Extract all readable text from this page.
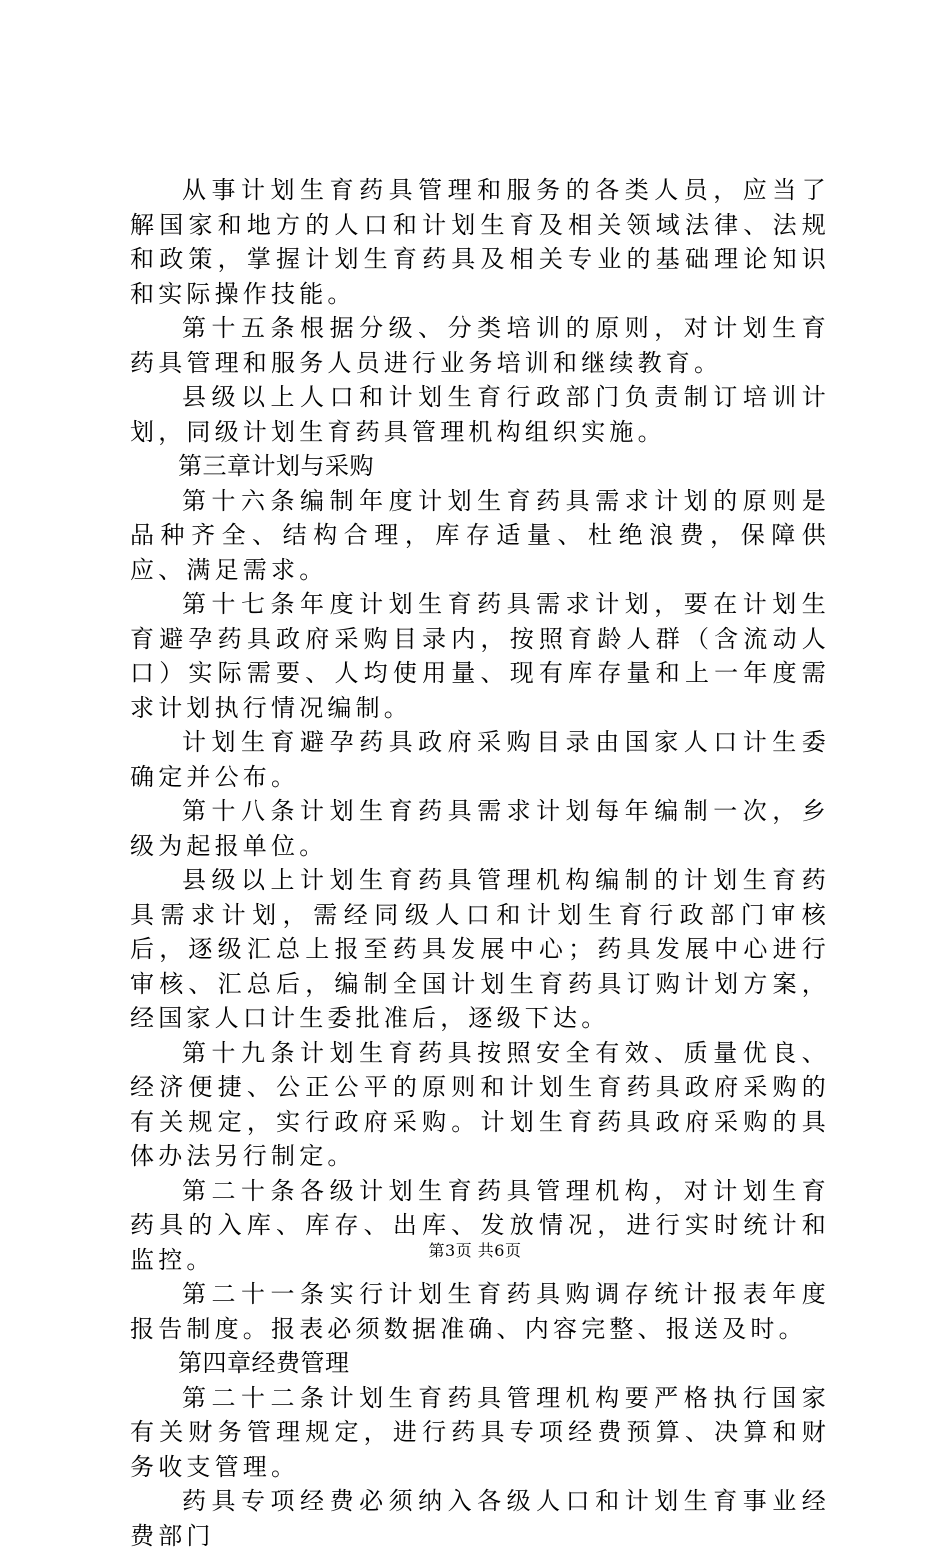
从事计划生育药具管理和服务的各类人员，应当了解国家和地方的人口和计划生育及相关领域法律、法规和政策，掌握计划生育药具及相关专业的基础理论知识和实际操作技能。

第十五条根据分级、分类培训的原则，对计划生育药具管理和服务人员进行业务培训和继续教育。

县级以上人口和计划生育行政部门负责制订培训计划，同级计划生育药具管理机构组织实施。

第三章计划与采购

第十六条编制年度计划生育药具需求计划的原则是品种齐全、结构合理，库存适量、杜绝浪费，保障供应、满足需求。

第十七条年度计划生育药具需求计划，要在计划生育避孕药具政府采购目录内，按照育龄人群（含流动人口）实际需要、人均使用量、现有库存量和上一年度需求计划执行情况编制。

计划生育避孕药具政府采购目录由国家人口计生委确定并公布。

第十八条计划生育药具需求计划每年编制一次，乡级为起报单位。

县级以上计划生育药具管理机构编制的计划生育药具需求计划，需经同级人口和计划生育行政部门审核后，逐级汇总上报至药具发展中心；药具发展中心进行审核、汇总后，编制全国计划生育药具订购计划方案，经国家人口计生委批准后，逐级下达。

第十九条计划生育药具按照安全有效、质量优良、经济便捷、公正公平的原则和计划生育药具政府采购的有关规定，实行政府采购。计划生育药具政府采购的具体办法另行制定。

第二十条各级计划生育药具管理机构，对计划生育药具的入库、库存、出库、发放情况，进行实时统计和监控。

第二十一条实行计划生育药具购调存统计报表年度报告制度。报表必须数据准确、内容完整、报送及时。

第四章经费管理

第二十二条计划生育药具管理机构要严格执行国家有关财务管理规定，进行药具专项经费预算、决算和财务收支管理。

药具专项经费必须纳入各级人口和计划生育事业经费部门

第3页 共6页
